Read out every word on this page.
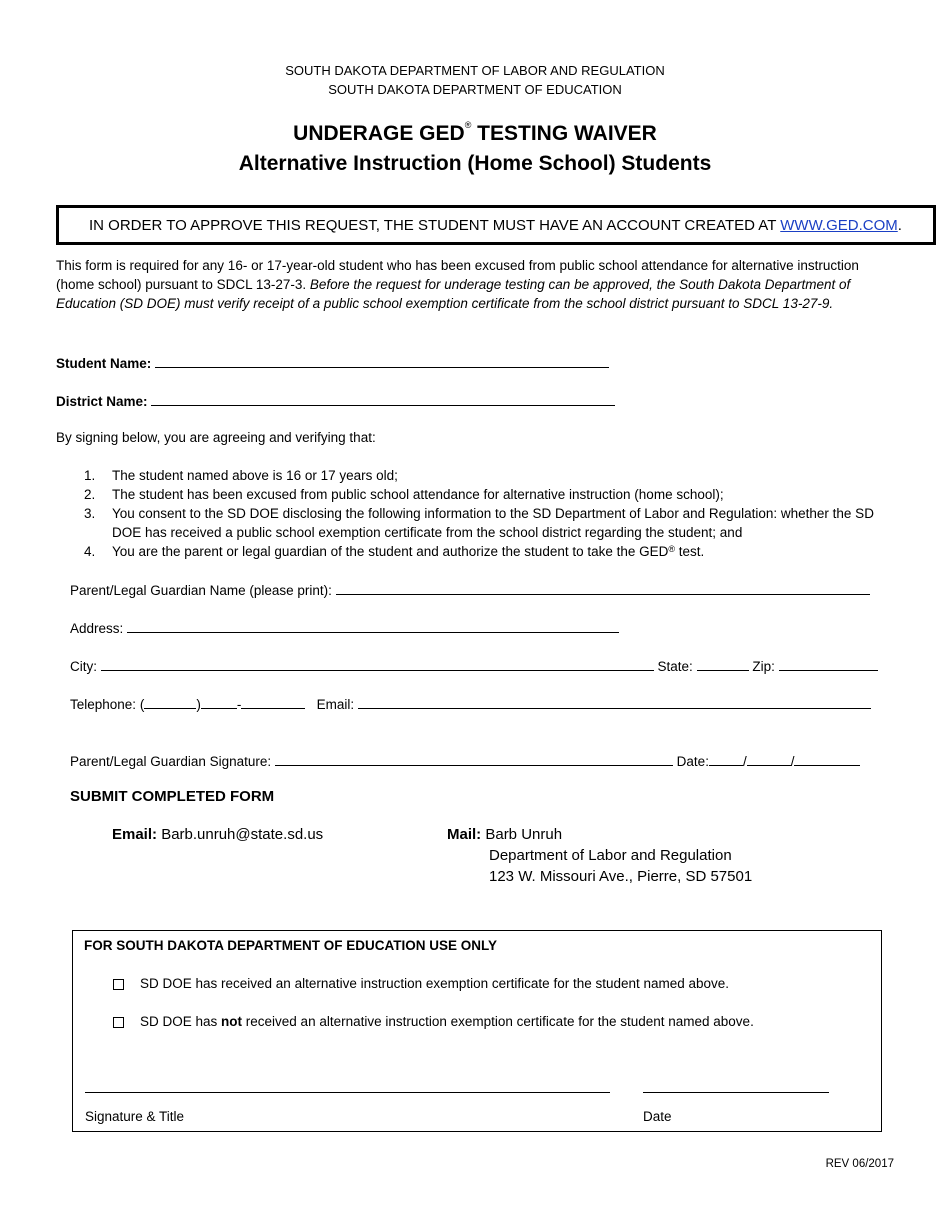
SOUTH DAKOTA DEPARTMENT OF LABOR AND REGULATION
SOUTH DAKOTA DEPARTMENT OF EDUCATION
UNDERAGE GED® TESTING WAIVER
Alternative Instruction (Home School) Students
IN ORDER TO APPROVE THIS REQUEST, THE STUDENT MUST HAVE AN ACCOUNT CREATED AT WWW.GED.COM .
This form is required for any 16- or 17-year-old student who has been excused from public school attendance for alternative instruction (home school) pursuant to SDCL 13-27-3. Before the request for underage testing can be approved, the South Dakota Department of Education (SD DOE) must verify receipt of a public school exemption certificate from the school district pursuant to SDCL 13-27-9.
Student Name:
District Name:
By signing below, you are agreeing and verifying that:
1. The student named above is 16 or 17 years old;
2. The student has been excused from public school attendance for alternative instruction (home school);
3. You consent to the SD DOE disclosing the following information to the SD Department of Labor and Regulation: whether the SD DOE has received a public school exemption certificate from the school district regarding the student; and
4. You are the parent or legal guardian of the student and authorize the student to take the GED® test.
Parent/Legal Guardian Name (please print):
Address:
City:	State:	Zip:
Telephone: (	)	-	Email:
Parent/Legal Guardian Signature:	Date:	/	/
SUBMIT COMPLETED FORM
Email: Barb.unruh@state.sd.us	Mail: Barb Unruh
Department of Labor and Regulation
123 W. Missouri Ave., Pierre, SD 57501
FOR SOUTH DAKOTA DEPARTMENT OF EDUCATION USE ONLY
SD DOE has received an alternative instruction exemption certificate for the student named above.
SD DOE has not received an alternative instruction exemption certificate for the student named above.
Signature & Title	Date
REV 06/2017
